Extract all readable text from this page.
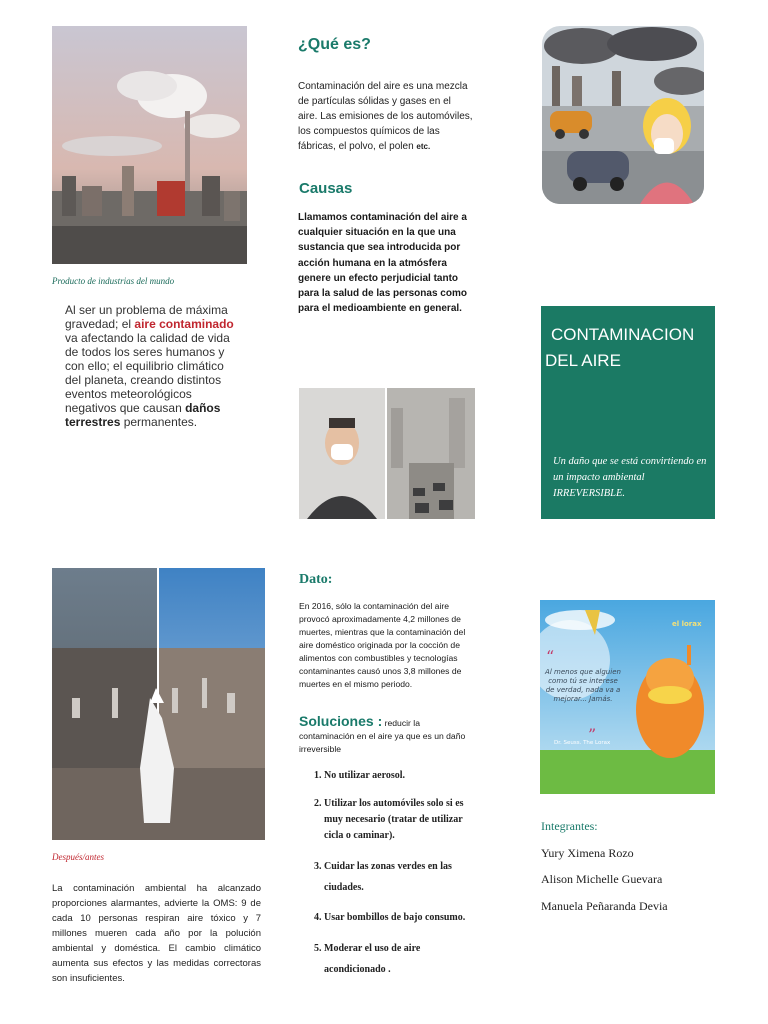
Producto de industrias del mundo
Al ser un problema de máxima gravedad; el aire contaminado va afectando la calidad de vida de todos los seres humanos y con ello; el equilibrio climático del planeta, creando distintos eventos meteorológicos negativos que causan daños terrestres permanentes.
Después/antes
La contaminación ambiental ha alcanzado proporciones alarmantes, advierte la OMS: 9 de cada 10 personas respiran aire tóxico y 7 millones mueren cada año por la polución ambiental y doméstica. El cambio climático aumenta sus efectos y las medidas correctoras son insuficientes.
¿Qué es?
Contaminación del aire es una mezcla de partículas sólidas y gases en el aire. Las emisiones de los automóviles, los compuestos químicos de las fábricas, el polvo, el polen etc.
Causas
Llamamos contaminación del aire a cualquier situación en la que una sustancia que sea introducida por acción humana en la atmósfera genere un efecto perjudicial tanto para la salud de las personas como para el medioambiente en general.
Dato:
En 2016, sólo la contaminación del aire provocó aproximadamente 4,2 millones de muertes, mientras que la contaminación del aire doméstico originada por la cocción de alimentos con combustibles y tecnologías contaminantes causó unos 3,8 millones de muertes en el mismo periodo.
Soluciones : reducir la contaminación en el aire ya que es un daño irreversible
1. No utilizar aerosol.
2. Utilizar los automóviles solo si es muy necesario (tratar de utilizar cicla o caminar).
3. Cuidar las zonas verdes en las ciudades.
4. Usar bombillos de bajo consumo.
5. Moderar el uso de aire acondicionado .
CONTAMINACION DEL AIRE
Un daño que se está convirtiendo en un impacto ambiental IRREVERSIBLE.
“
”
el lorax
Al menos que alguien como tú se interese de verdad, nada va a mejorar... Jamás.
Dr. Seuss. The Lorax
Integrantes:
Yury Ximena Rozo
Alison Michelle Guevara
Manuela Peñaranda Devia
